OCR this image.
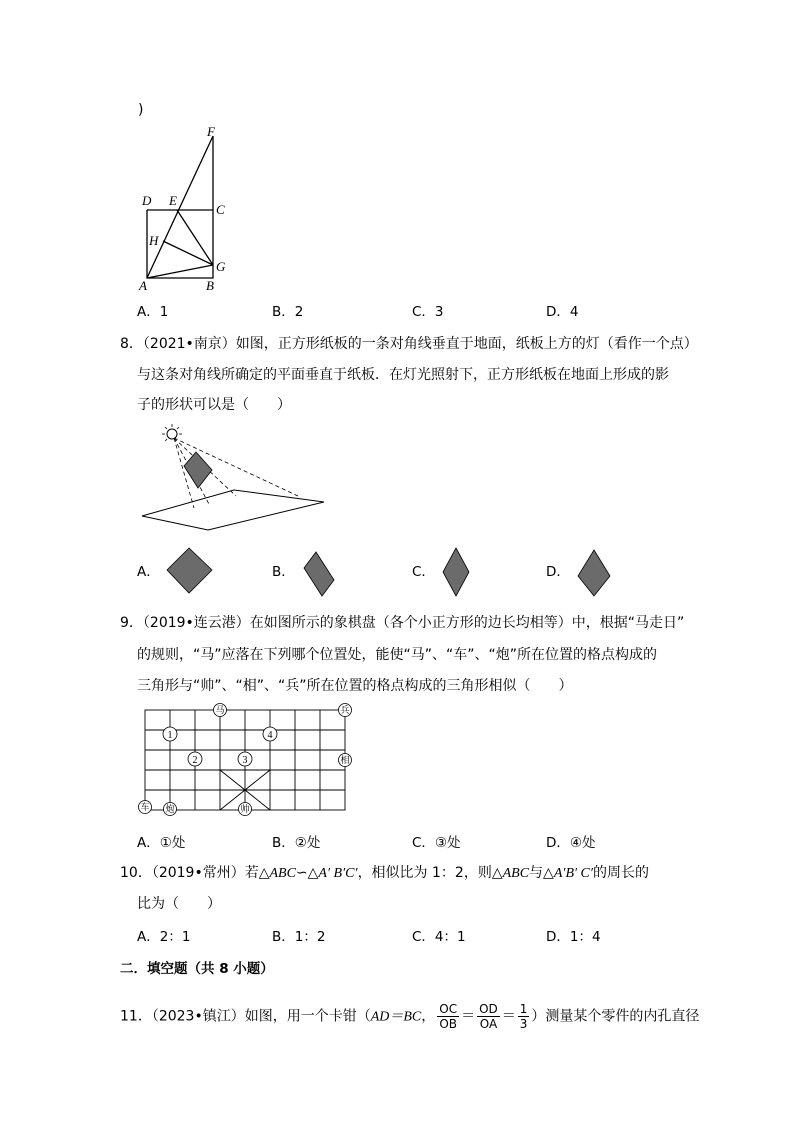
)
F
D E
C
H
G
A	B
A．1	B．2	C．3	D．4
8．（2021•南京）如图，正方形纸板的一条对角线垂直于地面，纸板上方的灯（看作一个点）
与这条对角线所确定的平面垂直于纸板．在灯光照射下，正方形纸板在地面上形成的影
子的形状可以是（　　）
A．	B．	C．	D．
9．（2019•连云港）在如图所示的象棋盘（各个小正方形的边长均相等）中，根据“马走日”
的规则，“马”应落在下列哪个位置处，能使“马”、“车”、“炮”所在位置的格点构成的
三角形与“帅”、“相”、“兵”所在位置的格点构成的三角形相似（　　）
马	兵
相
车 炮	帅
1
2	3
4
A．①处	B．②处	C．③处	D．④处
10．（2019•常州）若△ABC∽△A′ B′C′，相似比为 1：2，则△ABC与△A′B′ C′的周长的
比为（　　）
A．2：1	B．1：2	C．4：1	D．1：4
二．填空题（共 8 小题）
11．（2023•镇江）如图，用一个卡钳（AD＝BC， $\frac{OC}{OB} = \frac{OD}{OA} = \frac{1}{3}$ ）测量某个零件的内孔直径
